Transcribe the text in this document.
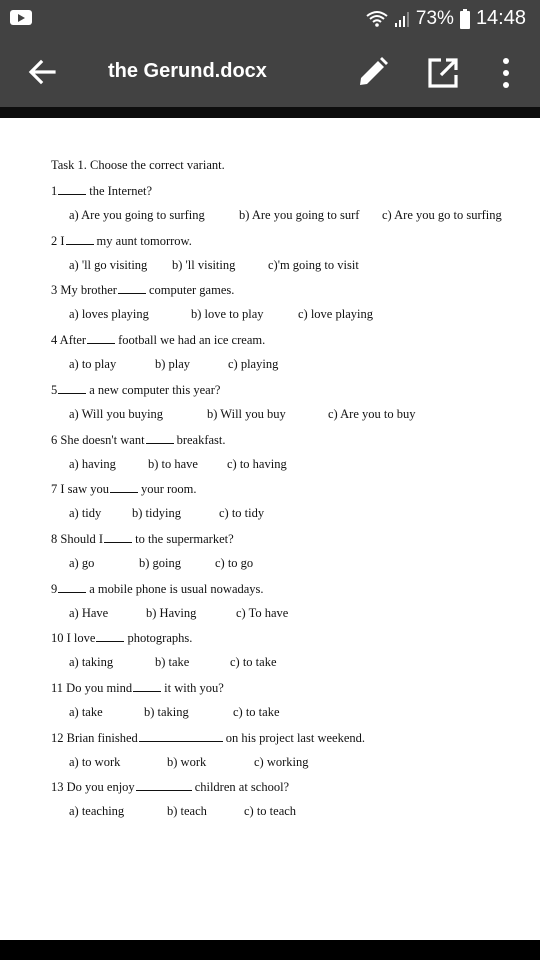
73% 14:48
the Gerund.docx
Task 1. Choose the correct variant.
1	the Internet?
a) Are you going to surfing	b) Are you going to surf c) Are you go to surfing
2 I	my aunt tomorrow.
a) 'll go visiting b) 'll visiting	c)'m going to visit
3 My brother	computer games.
a) loves playing	b) love to play	c) love playing
4 After	football we had an ice cream.
a) to play	b) play	c) playing
5	a new computer this year?
a) Will you buying	b) Will you buy	c) Are you to buy
6 She doesn't want	breakfast.
a) having	b) to have c) to having
7 I saw you	your room.
a) tidy b) tidying	c) to tidy
8 Should I	to the supermarket?
a) go	b) going	c) to go
9	a mobile phone is usual nowadays.
a) Have	b) Having	c) To have
10 I love	photographs.
a) taking	b) take	c) to take
11 Do you mind	it with you?
a) take	b) taking	c) to take
12 Brian finished	on his project last weekend.
a) to work	b) work	c) working
13 Do you enjoy	children at school?
a) teaching	b) teach	c) to teach
